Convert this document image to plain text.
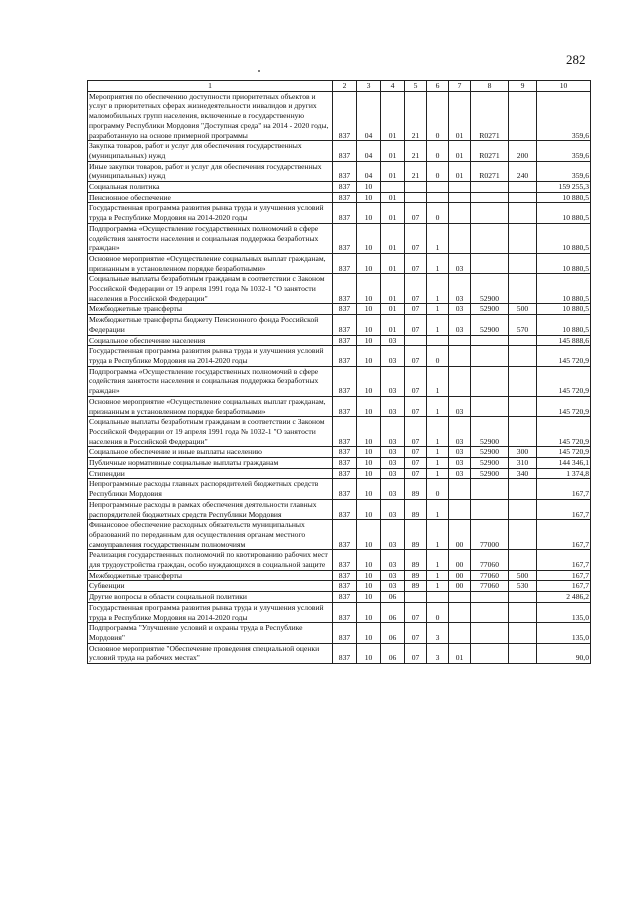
282
1	2	3	4	5	6	7	8	9	10
Мероприятия по обеспечению доступности приоритетных объектов и услуг в приоритетных сферах жизнедеятельности инвалидов и других маломобильных групп населения, включенные в государственную программу Республики Мордовия "Доступная среда" на 2014 - 2020 годы, разработанную на основе примерной программы	837	04	01	21	0	01	R0271		359,6
Закупка товаров, работ и услуг для обеспечения государственных (муниципальных) нужд	837	04	01	21	0	01	R0271	200	359,6
Иные закупки товаров, работ и услуг для обеспечения государственных (муниципальных) нужд	837	04	01	21	0	01	R0271	240	359,6
Социальная политика	837	10							159 255,3
Пенсионное обеспечение	837	10	01						10 880,5
Государственная программа развития рынка труда и улучшения условий труда в Республике Мордовия на 2014-2020 годы	837	10	01	07	0				10 880,5
Подпрограмма «Осуществление государственных полномочий в сфере содействия занятости населения и социальная поддержка безработных граждан»	837	10	01	07	1				10 880,5
Основное мероприятие «Осуществление социальных выплат гражданам, признанным в установленном порядке безработными»	837	10	01	07	1	03			10 880,5
Социальные выплаты безработным гражданам в соответствии с Законом Российской Федерации от 19 апреля 1991 года № 1032-1 "О занятости населения в Российской Федерации"	837	10	01	07	1	03	52900		10 880,5
Межбюджетные трансферты	837	10	01	07	1	03	52900	500	10 880,5
Межбюджетные трансферты бюджету Пенсионного фонда Российской Федерации	837	10	01	07	1	03	52900	570	10 880,5
Социальное обеспечение населения	837	10	03						145 888,6
Государственная программа развития рынка труда и улучшения условий труда в Республике Мордовия на 2014-2020 годы	837	10	03	07	0				145 720,9
Подпрограмма «Осуществление государственных полномочий в сфере содействия занятости населения и социальная поддержка безработных граждан»	837	10	03	07	1				145 720,9
Основное мероприятие «Осуществление социальных выплат гражданам, признанным в установленном порядке безработными»	837	10	03	07	1	03			145 720,9
Социальные выплаты безработным гражданам в соответствии с Законом Российской Федерации от 19 апреля 1991 года № 1032-1 "О занятости населения в Российской Федерации"	837	10	03	07	1	03	52900		145 720,9
Социальное обеспечение и иные выплаты населению	837	10	03	07	1	03	52900	300	145 720,9
Публичные нормативные социальные выплаты гражданам	837	10	03	07	1	03	52900	310	144 346,1
Стипендии	837	10	03	07	1	03	52900	340	1 374,8
Непрограммные расходы главных распорядителей бюджетных средств Республики Мордовия	837	10	03	89	0				167,7
Непрограммные расходы в рамках обеспечения деятельности главных распорядителей бюджетных средств Республики Мордовия	837	10	03	89	1				167,7
Финансовое обеспечение расходных обязательств муниципальных образований по переданным для осуществления органам местного самоуправления государственным полномочиям	837	10	03	89	1	00	77000		167,7
Реализация государственных полномочий по квотированию рабочих мест для трудоустройства граждан, особо нуждающихся в социальной защите	837	10	03	89	1	00	77060		167,7
Межбюджетные трансферты	837	10	03	89	1	00	77060	500	167,7
Субвенции	837	10	03	89	1	00	77060	530	167,7
Другие вопросы в области социальной политики	837	10	06						2 486,2
Государственная программа развития рынка труда и улучшения условий труда в Республике Мордовия на 2014-2020 годы	837	10	06	07	0				135,0
Подпрограмма "Улучшение условий и охраны труда в Республике Мордовия"	837	10	06	07	3				135,0
Основное мероприятие "Обеспечение проведения специальной оценки условий труда на рабочих местах"	837	10	06	07	3	01			90,0
